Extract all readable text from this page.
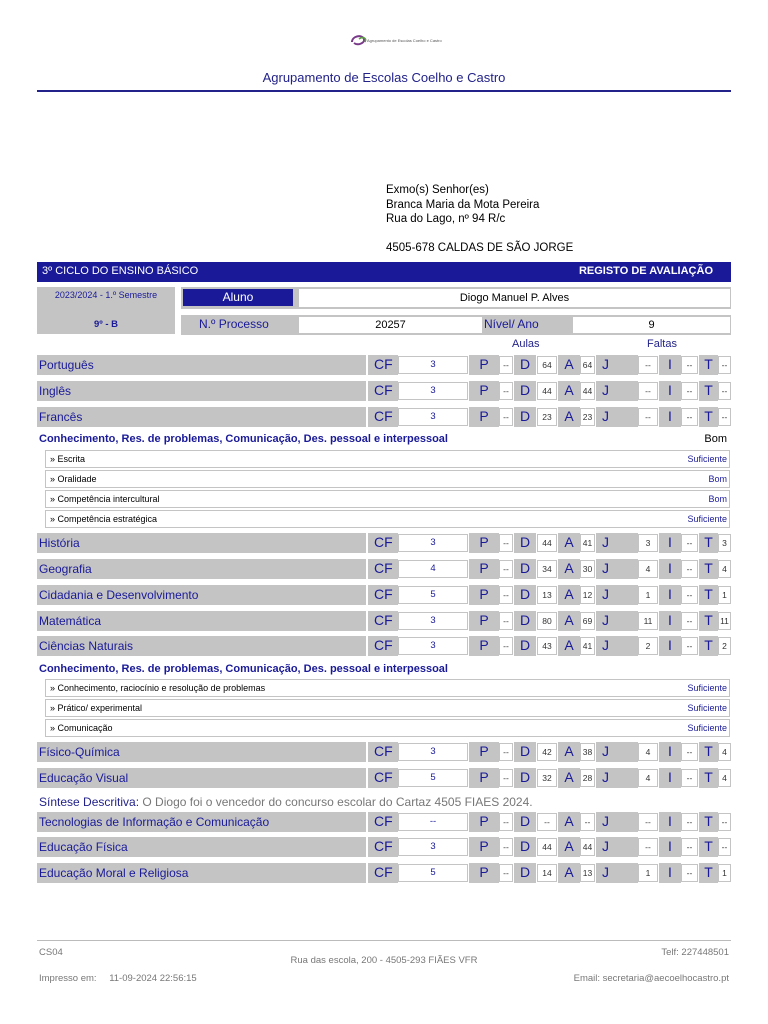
Agrupamento de Escolas Coelho e Castro
Agrupamento de Escolas Coelho e Castro
Exmo(s) Senhor(es)
Branca Maria da Mota Pereira
Rua do Lago, nº 94 R/c
4505-678 CALDAS DE SÃO JORGE
3º CICLO DO ENSINO BÁSICO	REGISTO DE AVALIAÇÃO
2023/2024 - 1.º Semestre
9º - B
Aluno	Diogo Manuel P. Alves
N.º Processo	20257	Nível/ Ano	9
Aulas	Faltas
Português	CF	3	P	-- D	64 A	64 J	--	I	-- T	--
Inglês	CF	3	P	-- D	44 A	44 J	--	I	-- T	--
Francês	CF	3	P	-- D	23 A	23 J	--	I	-- T	--
História	CF	3	P	-- D	44 A	41 J	3	I	-- T	3
Geografia	CF	4	P	-- D	34 A	30 J	4	I	-- T	4
Cidadania e Desenvolvimento	CF	5	P	-- D	13 A	12 J	1	I	-- T	1
Matemática	CF	3	P	-- D	80 A	69 J	11	I	-- T 11
Ciências Naturais	CF	3	P	-- D	43 A	41 J	2	I	-- T	2
Físico-Química	CF	3	P	-- D	42 A	38 J	4	I	-- T	4
Educação Visual	CF	5	P	-- D	32 A	28 J	4	I	-- T	4
Tecnologias de Informação e Comunicação	CF	--	P	-- D	--	A	-- J	--	I	-- T	--
Educação Física	CF	3	P	-- D	44 A	44 J	--	I	-- T	--
Educação Moral e Religiosa	CF	5	P	-- D	14 A	13 J	1	I	-- T	1
Conhecimento, Res. de problemas, Comunicação, Des. pessoal e interpessoal	Bom
» Escrita	Suficiente
» Oralidade	Bom
» Competência intercultural	Bom
» Competência estratégica	Suficiente
Conhecimento, Res. de problemas, Comunicação, Des. pessoal e interpessoal
» Conhecimento, raciocínio e resolução de problemas	Suficiente
» Prático/ experimental	Suficiente
» Comunicação	Suficiente
Síntese Descritiva: O Diogo foi o vencedor do concurso escolar do Cartaz 4505 FIAES 2024.
CS04	Telf: 227448501
Rua das escola, 200 - 4505-293 FIÃES VFR
Impresso em: 11-09-2024 22:56:15	Email: secretaria@aecoelhocastro.pt
